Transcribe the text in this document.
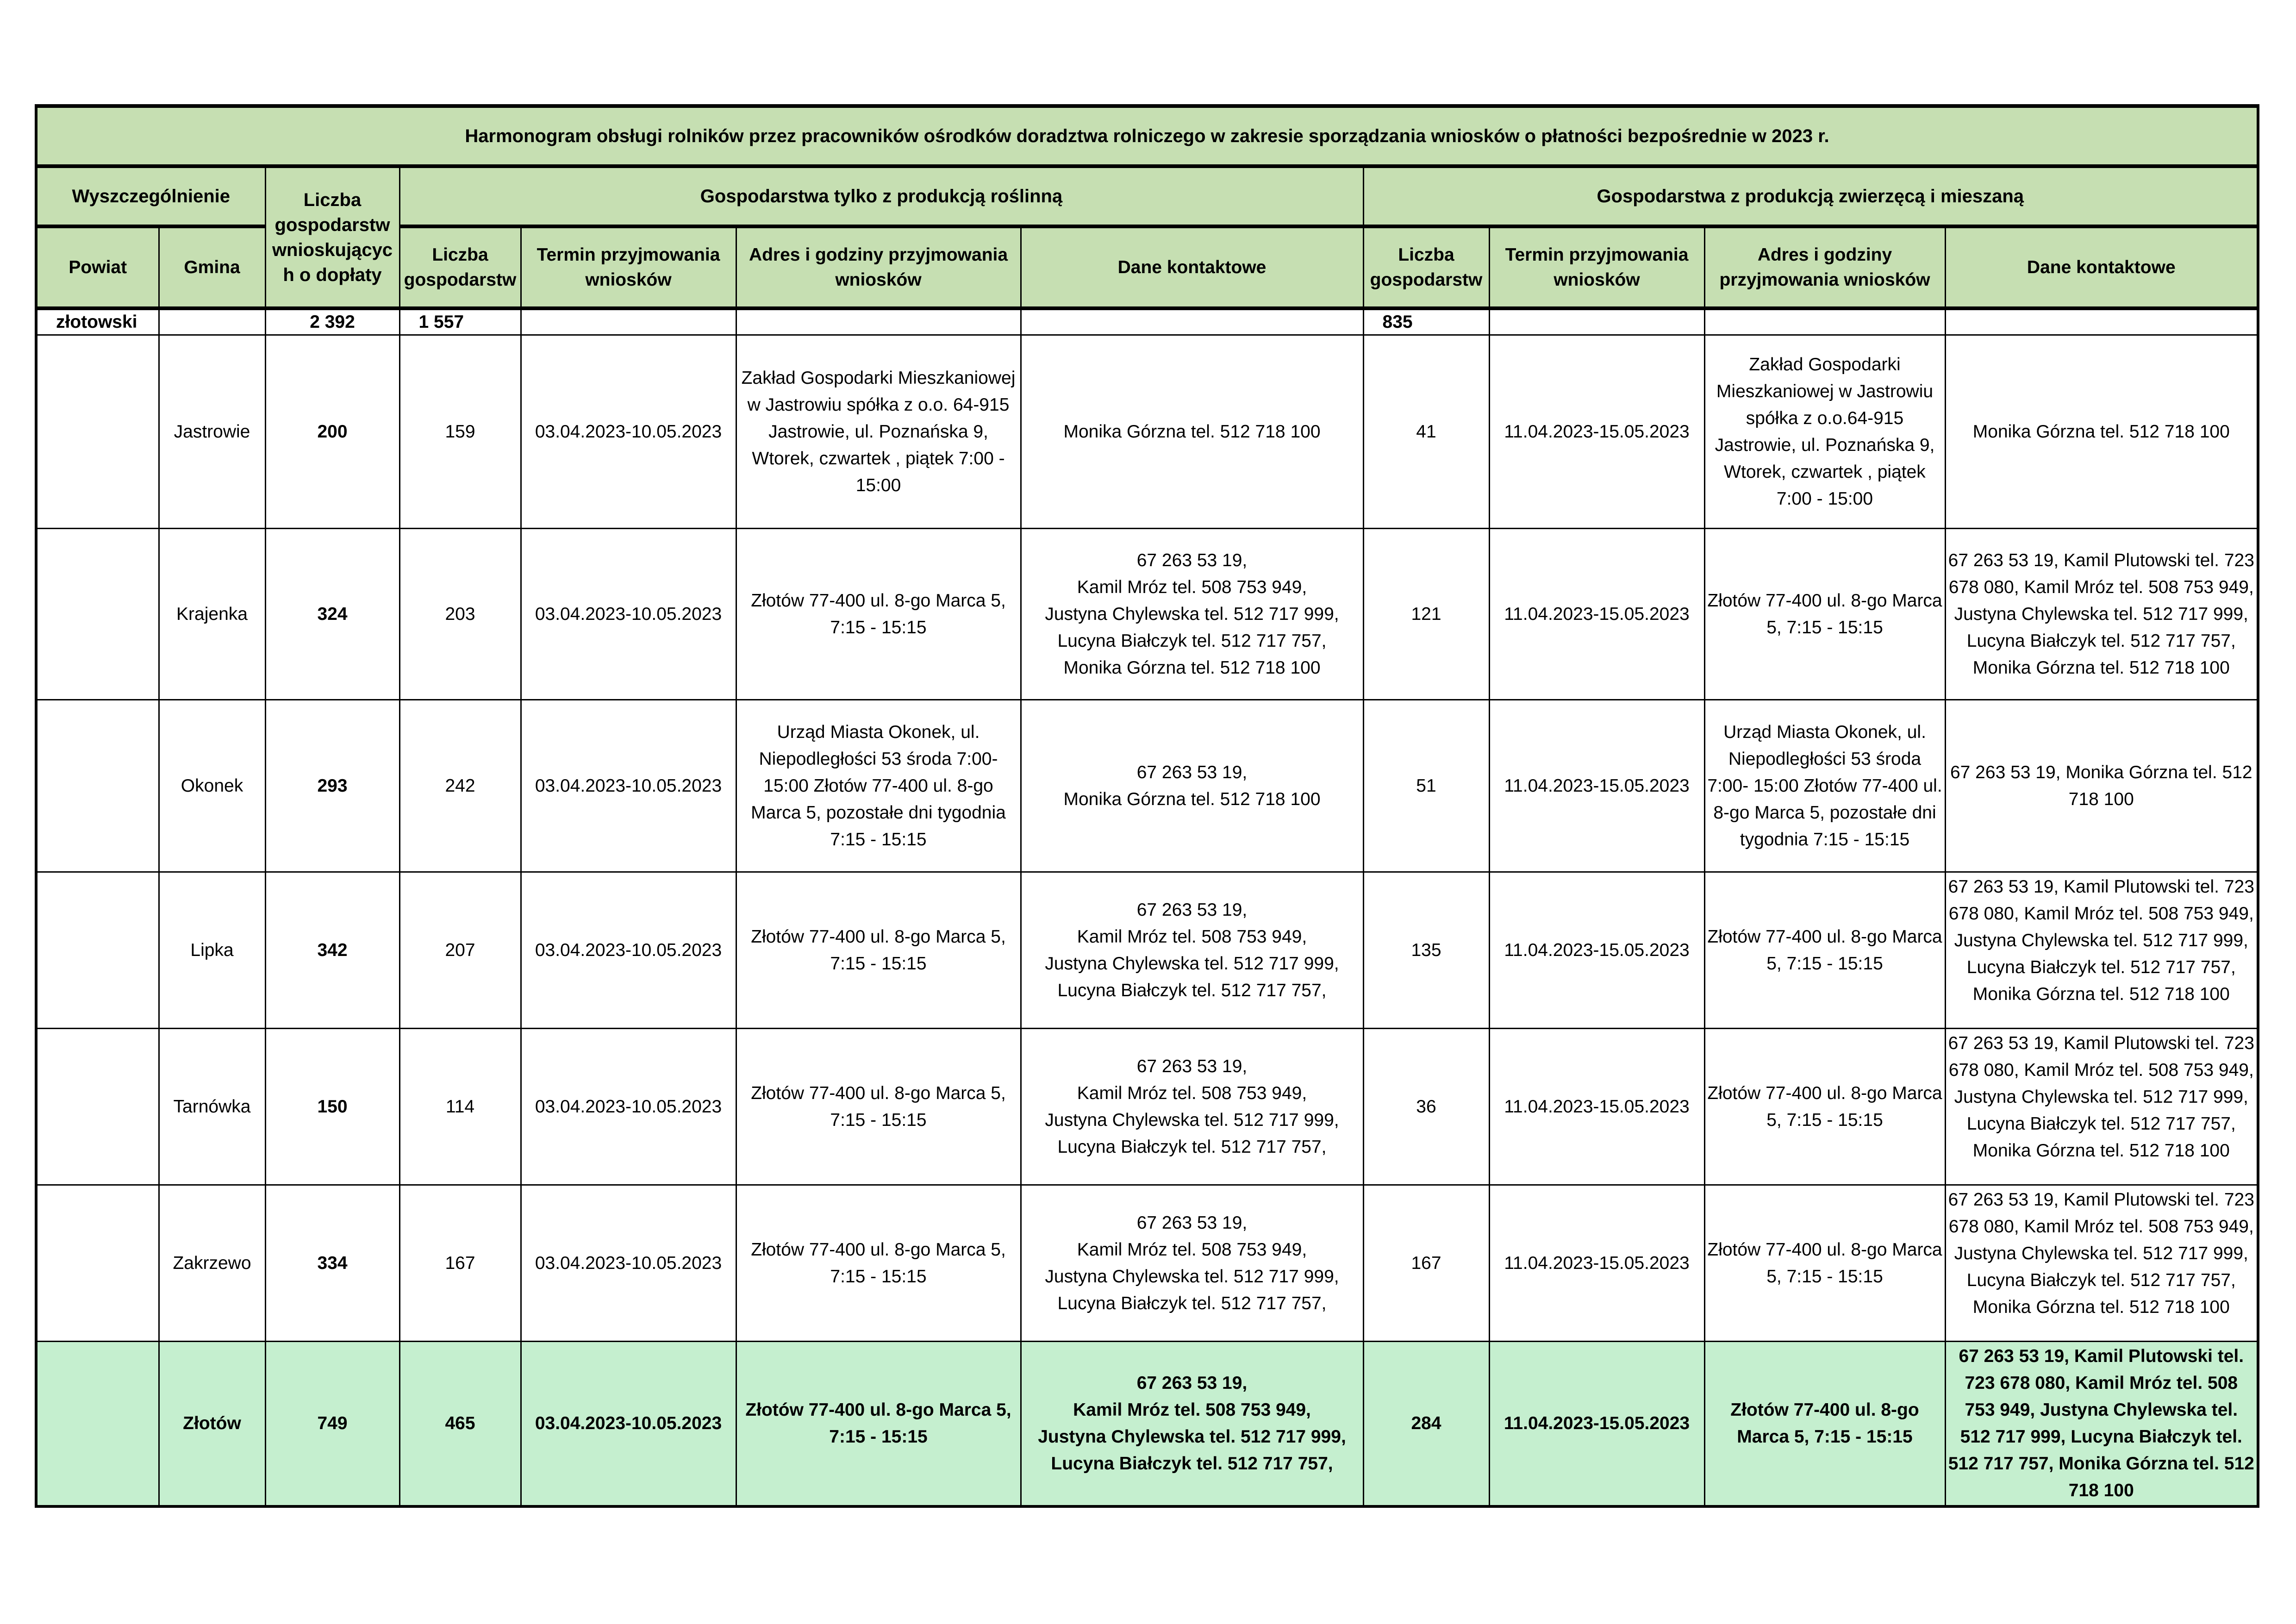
Harmonogram obsługi rolników przez pracowników ośrodków doradztwa rolniczego w zakresie sporządzania wniosków o płatności bezpośrednie w 2023 r.										
Wyszczególnienie		Liczba gospodarstw wnioskujących o dopłaty	Gospodarstwa tylko z produkcją roślinną				Gospodarstwa z produkcją zwierzęcą i mieszaną			
Powiat	Gmina		Liczba gospodarstw	Termin przyjmowania wniosków	Adres i godziny przyjmowania wniosków	Dane kontaktowe	Liczba gospodarstw	Termin przyjmowania wniosków	Adres i godziny przyjmowania wniosków	Dane kontaktowe
złotowski		2 392	1 557				835			
	Jastrowie	200	159	03.04.2023-10.05.2023	Zakład Gospodarki Mieszkaniowej w Jastrowiu spółka z o.o. 64-915 Jastrowie, ul. Poznańska 9, Wtorek, czwartek , piątek 7:00 - 15:00	Monika Górzna tel. 512 718 100	41	11.04.2023-15.05.2023	Zakład Gospodarki Mieszkaniowej w Jastrowiu spółka z o.o.64-915 Jastrowie, ul. Poznańska 9, Wtorek, czwartek , piątek 7:00 - 15:00	Monika Górzna tel. 512 718 100
	Krajenka	324	203	03.04.2023-10.05.2023	Złotów 77-400 ul. 8-go Marca 5, 7:15 - 15:15	67 263 53 19,
Kamil Mróz tel. 508 753 949,
Justyna Chylewska tel. 512 717 999,
Lucyna Białczyk tel. 512 717 757,
Monika Górzna tel. 512 718 100	121	11.04.2023-15.05.2023	Złotów 77-400 ul. 8-go Marca 5, 7:15 - 15:15	67 263 53 19, Kamil Plutowski tel. 723 678 080, Kamil Mróz tel. 508 753 949, Justyna Chylewska tel. 512 717 999, Lucyna Białczyk tel. 512 717 757, Monika Górzna tel. 512 718 100
	Okonek	293	242	03.04.2023-10.05.2023	Urząd Miasta Okonek, ul. Niepodległości 53 środa 7:00-15:00 Złotów 77-400 ul. 8-go Marca 5, pozostałe dni tygodnia 7:15 - 15:15	67 263 53 19,
Monika Górzna tel. 512 718 100	51	11.04.2023-15.05.2023	Urząd Miasta Okonek, ul. Niepodległości 53 środa 7:00- 15:00 Złotów 77-400 ul. 8-go Marca 5, pozostałe dni tygodnia 7:15 - 15:15	67 263 53 19, Monika Górzna tel. 512 718 100
	Lipka	342	207	03.04.2023-10.05.2023	Złotów 77-400 ul. 8-go Marca 5, 7:15 - 15:15	67 263 53 19,
Kamil Mróz tel. 508 753 949,
Justyna Chylewska tel. 512 717 999,
Lucyna Białczyk tel. 512 717 757,	135	11.04.2023-15.05.2023	Złotów 77-400 ul. 8-go Marca 5, 7:15 - 15:15	67 263 53 19, Kamil Plutowski tel. 723 678 080, Kamil Mróz tel. 508 753 949, Justyna Chylewska tel. 512 717 999, Lucyna Białczyk tel. 512 717 757, Monika Górzna tel. 512 718 100
	Tarnówka	150	114	03.04.2023-10.05.2023	Złotów 77-400 ul. 8-go Marca 5, 7:15 - 15:15	67 263 53 19,
Kamil Mróz tel. 508 753 949,
Justyna Chylewska tel. 512 717 999,
Lucyna Białczyk tel. 512 717 757,	36	11.04.2023-15.05.2023	Złotów 77-400 ul. 8-go Marca 5, 7:15 - 15:15	67 263 53 19, Kamil Plutowski tel. 723 678 080, Kamil Mróz tel. 508 753 949, Justyna Chylewska tel. 512 717 999, Lucyna Białczyk tel. 512 717 757, Monika Górzna tel. 512 718 100
	Zakrzewo	334	167	03.04.2023-10.05.2023	Złotów 77-400 ul. 8-go Marca 5, 7:15 - 15:15	67 263 53 19,
Kamil Mróz tel. 508 753 949,
Justyna Chylewska tel. 512 717 999,
Lucyna Białczyk tel. 512 717 757,	167	11.04.2023-15.05.2023	Złotów 77-400 ul. 8-go Marca 5, 7:15 - 15:15	67 263 53 19, Kamil Plutowski tel. 723 678 080, Kamil Mróz tel. 508 753 949, Justyna Chylewska tel. 512 717 999, Lucyna Białczyk tel. 512 717 757, Monika Górzna tel. 512 718 100
	Złotów	749	465	03.04.2023-10.05.2023	Złotów 77-400 ul. 8-go Marca 5, 7:15 - 15:15	67 263 53 19,
Kamil Mróz tel. 508 753 949,
Justyna Chylewska tel. 512 717 999,
Lucyna Białczyk tel. 512 717 757,	284	11.04.2023-15.05.2023	Złotów 77-400 ul. 8-go Marca 5, 7:15 - 15:15	67 263 53 19, Kamil Plutowski tel. 723 678 080, Kamil Mróz tel. 508 753 949, Justyna Chylewska tel. 512 717 999, Lucyna Białczyk tel. 512 717 757, Monika Górzna tel. 512 718 100
